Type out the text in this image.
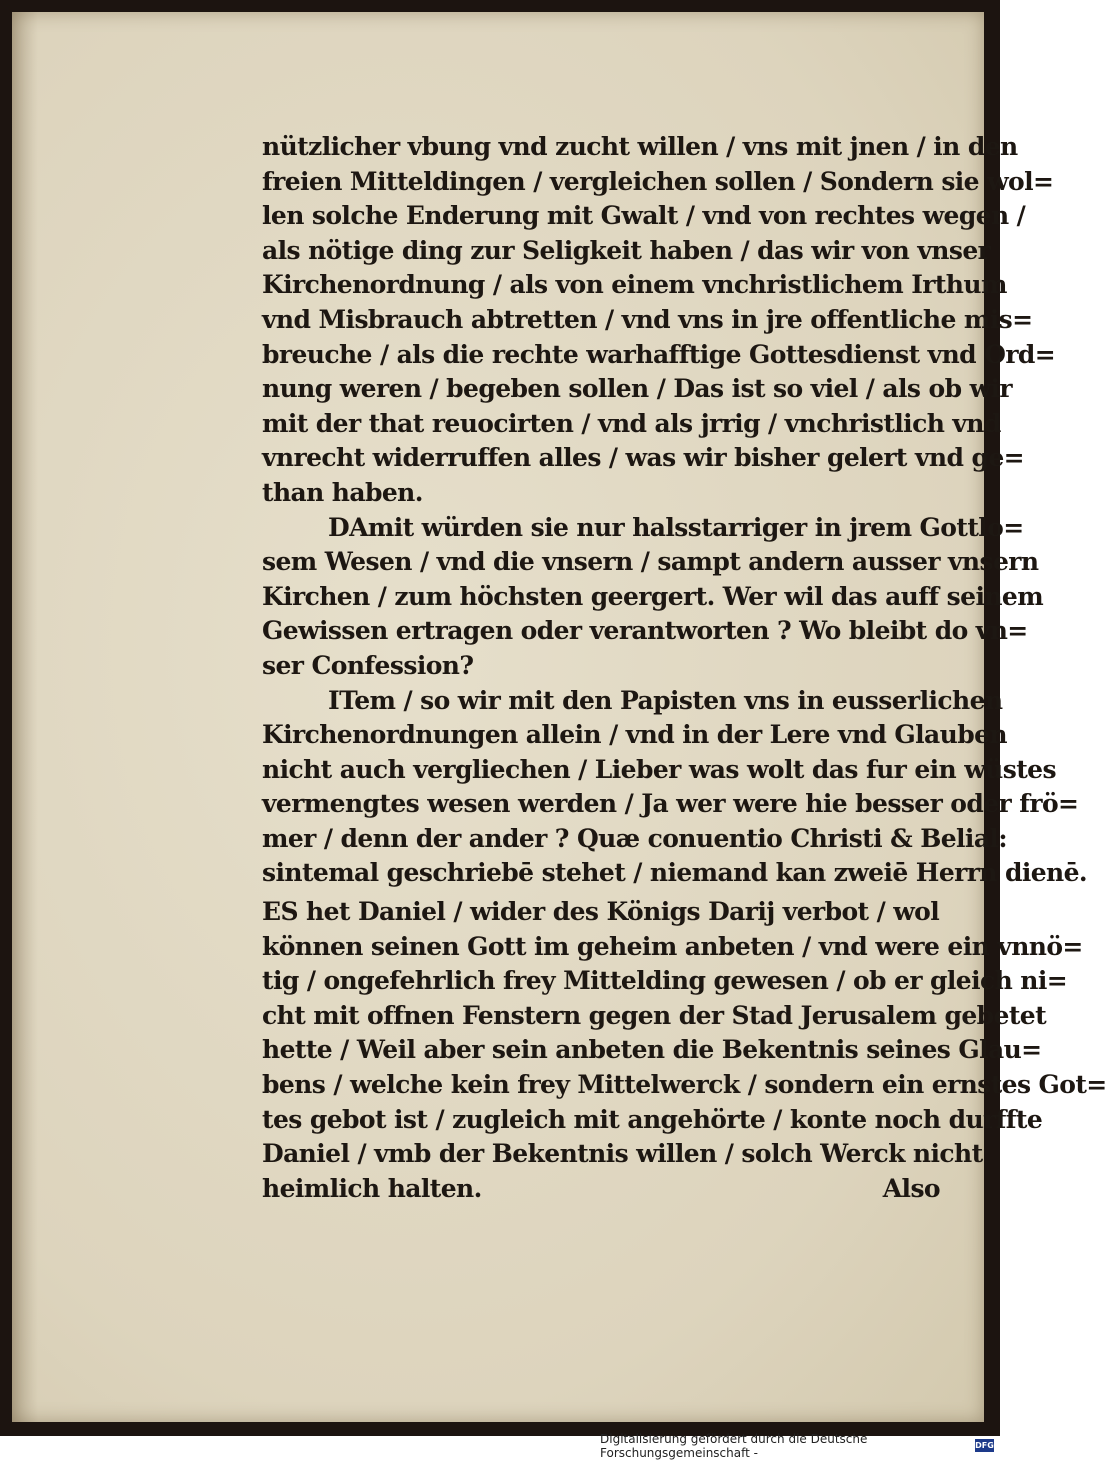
nützlicher vbung vnd zucht willen / vns mit jnen / in den
freien Mitteldingen / vergleichen sollen / Sondern sie wol=
len solche Enderung mit Gwalt / vnd von rechtes wegen /
als nötige ding zur Seligkeit haben / das wir von vnser
Kirchenordnung / als von einem vnchristlichem Irthum
vnd Misbrauch abtretten / vnd vns in jre offentliche mis=
breuche / als die rechte warhafftige Gottesdienst vnd Ord=
nung weren / begeben sollen / Das ist so viel / als ob wir
mit der that reuocirten / vnd als jrrig / vnchristlich vnd
vnrecht widerruffen alles / was wir bisher gelert vnd ge=
than haben.
DAmit würden sie nur halsstarriger in jrem Gottlo=
sem Wesen / vnd die vnsern / sampt andern ausser vnsern
Kirchen / zum höchsten geergert. Wer wil das auff seinem
Gewissen ertragen oder verantworten ? Wo bleibt do vn=
ser Confession?
ITem / so wir mit den Papisten vns in eusserlichen
Kirchenordnungen allein / vnd in der Lere vnd Glauben
nicht auch vergliechen / Lieber was wolt das fur ein wüstes
vermengtes wesen werden / Ja wer were hie besser oder frö=
mer / denn der ander ? Quæ conuentio Christi & Belial:
sintemal geschriebē stehet / niemand kan zweiē Herrn dienē.
ES het Daniel / wider des Königs Darij verbot / wol
können seinen Gott im geheim anbeten / vnd were ein vnnö=
tig / ongefehrlich frey Mittelding gewesen / ob er gleich ni=
cht mit offnen Fenstern gegen der Stad Jerusalem gebetet
hette / Weil aber sein anbeten die Bekentnis seines Glau=
bens / welche kein frey Mittelwerck / sondern ein ernstes Got=
tes gebot ist / zugleich mit angehörte / konte noch durffte
Daniel / vmb der Bekentnis willen / solch Werck nicht
heimlich halten.	Also
Digitalisierung gefördert durch die Deutsche Forschungsgemeinschaft -	DFG
